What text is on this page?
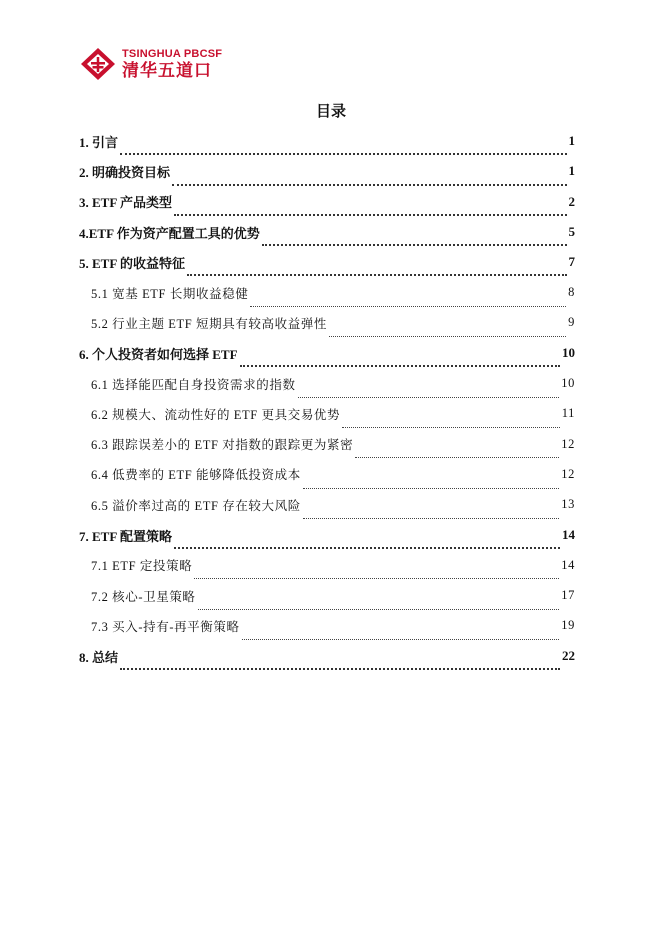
TSINGHUA PBCSF
清华五道口
目录
1. 引言	1
2. 明确投资目标	1
3. ETF 产品类型	2
4.ETF 作为资产配置工具的优势	5
5. ETF 的收益特征	7
5.1 宽基 ETF 长期收益稳健	8
5.2 行业主题 ETF 短期具有较高收益弹性	9
6. 个人投资者如何选择 ETF	10
6.1 选择能匹配自身投资需求的指数	10
6.2 规模大、流动性好的 ETF 更具交易优势	11
6.3 跟踪误差小的 ETF 对指数的跟踪更为紧密	12
6.4 低费率的 ETF 能够降低投资成本	12
6.5 溢价率过高的 ETF 存在较大风险	13
7. ETF 配置策略	14
7.1 ETF 定投策略	14
7.2 核心-卫星策略	17
7.3 买入-持有-再平衡策略	19
8. 总结	22
